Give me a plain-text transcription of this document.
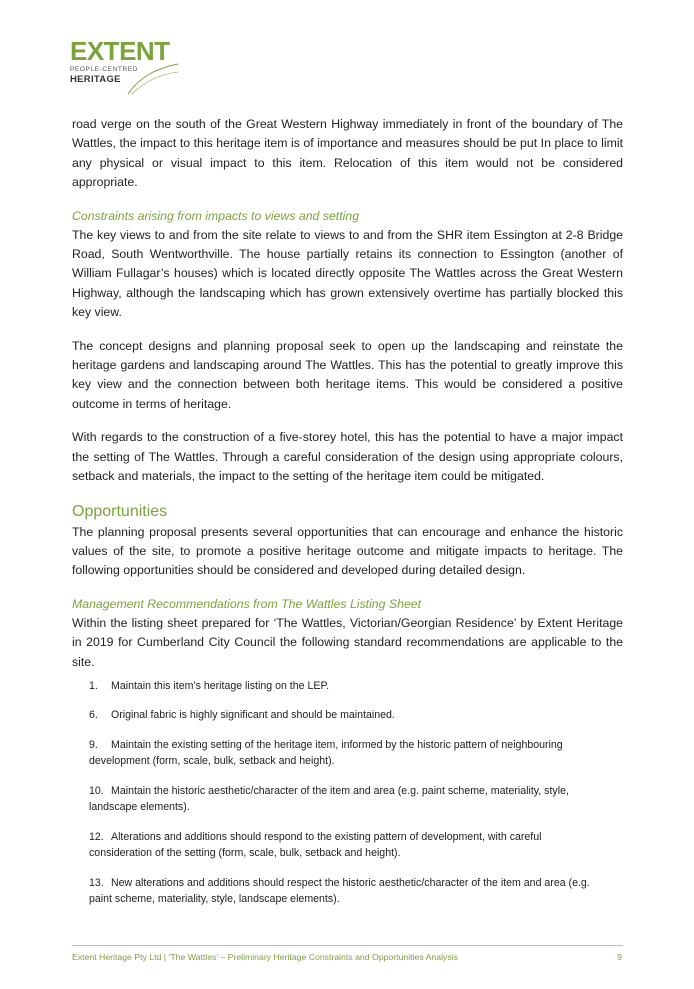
EXTENT
PEOPLE-CENTRED
HERITAGE

road verge on the south of the Great Western Highway immediately in front of the boundary of The Wattles, the impact to this heritage item is of importance and measures should be put In place to limit any physical or visual impact to this item. Relocation of this item would not be considered appropriate.

Constraints arising from impacts to views and setting

The key views to and from the site relate to views to and from the SHR item Essington at 2-8 Bridge Road, South Wentworthville. The house partially retains its connection to Essington (another of William Fullagar’s houses) which is located directly opposite The Wattles across the Great Western Highway, although the landscaping which has grown extensively overtime has partially blocked this key view.

The concept designs and planning proposal seek to open up the landscaping and reinstate the heritage gardens and landscaping around The Wattles. This has the potential to greatly improve this key view and the connection between both heritage items. This would be considered a positive outcome in terms of heritage.

With regards to the construction of a five-storey hotel, this has the potential to have a major impact the setting of The Wattles. Through a careful consideration of the design using appropriate colours, setback and materials, the impact to the setting of the heritage item could be mitigated.

Opportunities

The planning proposal presents several opportunities that can encourage and enhance the historic values of the site, to promote a positive heritage outcome and mitigate impacts to heritage. The following opportunities should be considered and developed during detailed design.

Management Recommendations from The Wattles Listing Sheet

Within the listing sheet prepared for ‘The Wattles, Victorian/Georgian Residence’ by Extent Heritage in 2019 for Cumberland City Council the following standard recommendations are applicable to the site.

1. Maintain this item’s heritage listing on the LEP.
6. Original fabric is highly significant and should be maintained.
9. Maintain the existing setting of the heritage item, informed by the historic pattern of neighbouring development (form, scale, bulk, setback and height).
10. Maintain the historic aesthetic/character of the item and area (e.g. paint scheme, materiality, style, landscape elements).
12. Alterations and additions should respond to the existing pattern of development, with careful consideration of the setting (form, scale, bulk, setback and height).
13. New alterations and additions should respect the historic aesthetic/character of the item and area (e.g. paint scheme, materiality, style, landscape elements).
Extent Heritage Pty Ltd | ‘The Wattles’ – Preliminary Heritage Constraints and Opportunities Analysis	9
